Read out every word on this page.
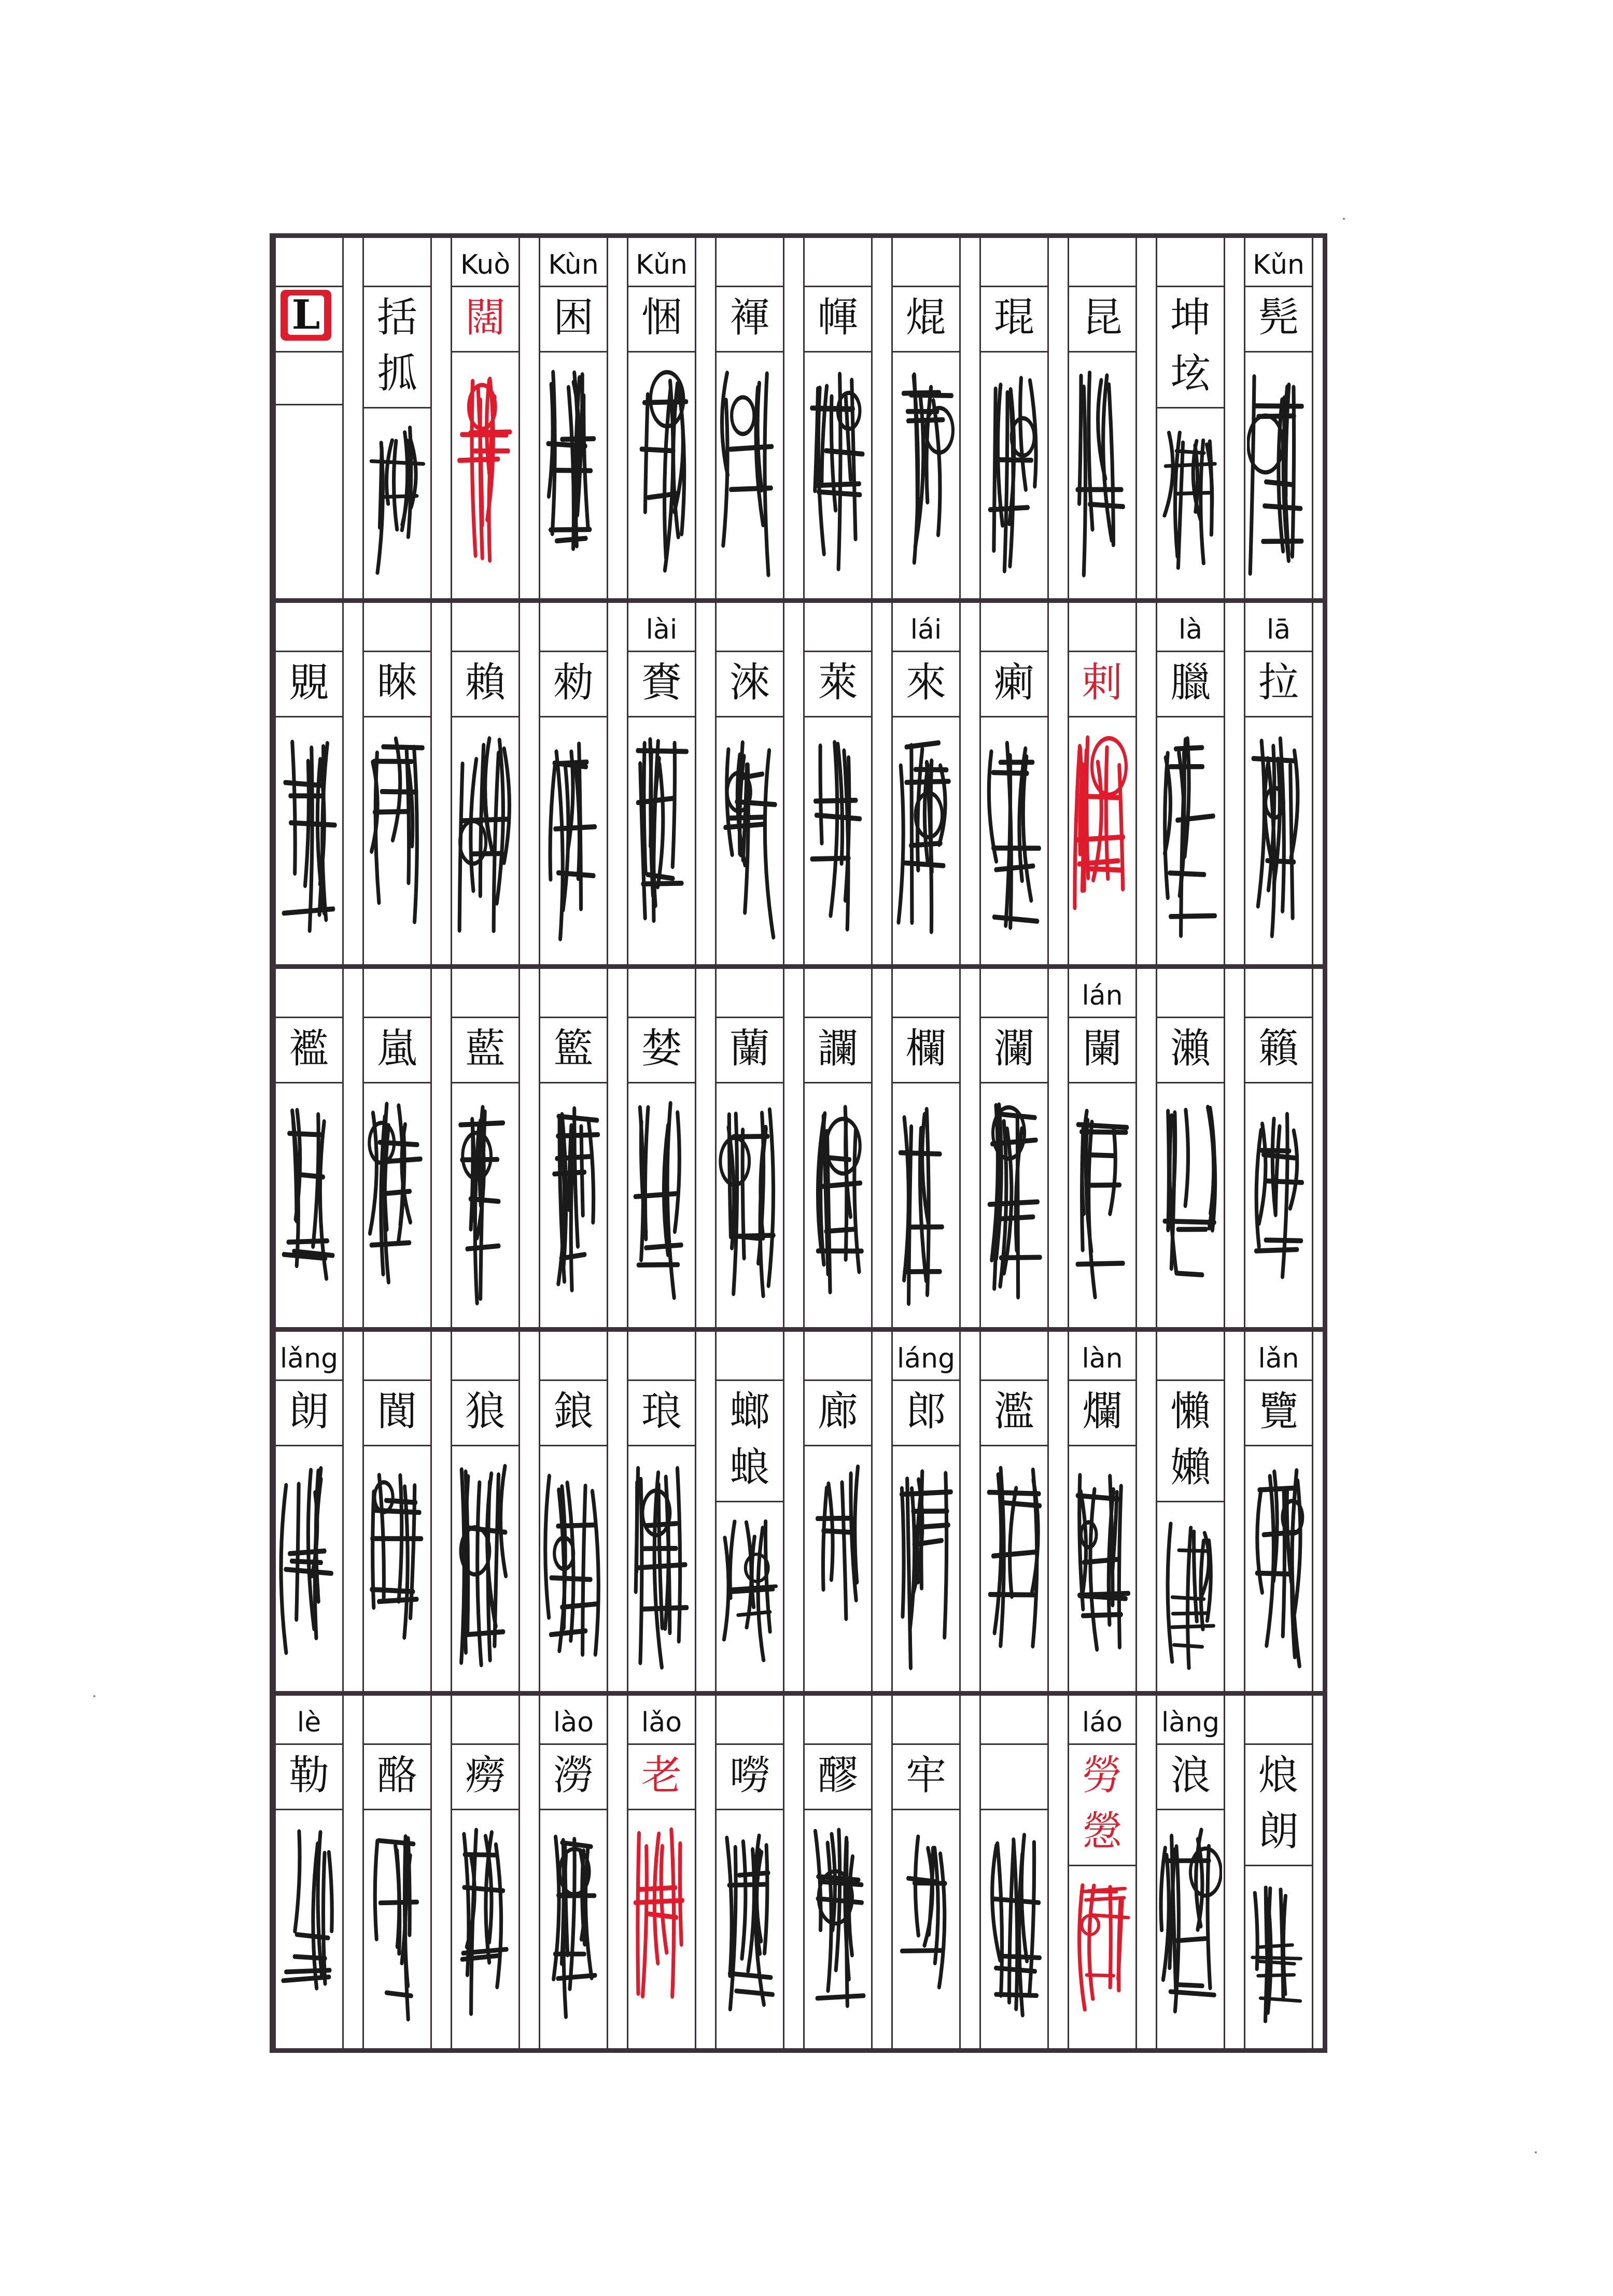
Kǔn
髡
坤
𡊨
昆
琨
焜
㡓
褌
Kǔn
悃
Kùn
困
Kuò
闊
括
㧓
L
lā
拉
là
臘
剌
瘌
lái
來
萊
淶
lài
賚
勑
賴
睞
覞
籟
瀨
lán
闌
瀾
欄
讕
蘭
婪
籃
藍
嵐
襤
lǎn
覽
懶
嬾
làn
爛
濫
láng
郎
廊
螂
蜋
琅
鋃
狼
閬
lǎng
朗
烺
朗
làng
浪
láo
勞
憥
牢
醪
嘮
lǎo
老
lào
澇
癆
酪
lè
勒
